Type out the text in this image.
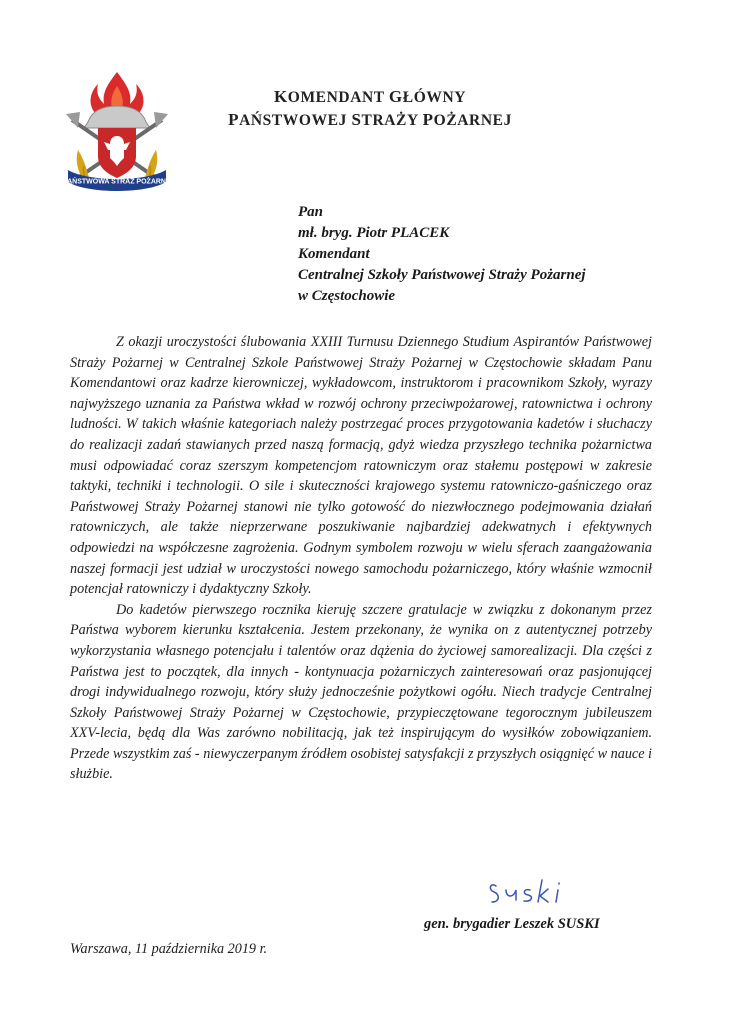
PAŃSTWOWA STRAŻ POŻARNA
KOMENDANT GŁÓWNY
PAŃSTWOWEJ STRAŻY POŻARNEJ
Pan
mł. bryg. Piotr PLACEK
Komendant
Centralnej Szkoły Państwowej Straży Pożarnej
w Częstochowie

Z okazji uroczystości ślubowania XXIII Turnusu Dziennego Studium Aspirantów Państwowej Straży Pożarnej w Centralnej Szkole Państwowej Straży Pożarnej w Częstochowie składam Panu Komendantowi oraz kadrze kierowniczej, wykładowcom, instruktorom i pracownikom Szkoły, wyrazy najwyższego uznania za Państwa wkład w rozwój ochrony przeciwpożarowej, ratownictwa i ochrony ludności. W takich właśnie kategoriach należy postrzegać proces przygotowania kadetów i słuchaczy do realizacji zadań stawianych przed naszą formacją, gdyż wiedza przyszłego technika pożarnictwa musi odpowiadać coraz szerszym kompetencjom ratowniczym oraz stałemu postępowi w zakresie taktyki, techniki i technologii. O sile i skuteczności krajowego systemu ratowniczo-gaśniczego oraz Państwowej Straży Pożarnej stanowi nie tylko gotowość do niezwłocznego podejmowania działań ratowniczych, ale także nieprzerwane poszukiwanie najbardziej adekwatnych i efektywnych odpowiedzi na współczesne zagrożenia. Godnym symbolem rozwoju w wielu sferach zaangażowania naszej formacji jest udział w uroczystości nowego samochodu pożarniczego, który właśnie wzmocnił potencjał ratowniczy i dydaktyczny Szkoły.

Do kadetów pierwszego rocznika kieruję szczere gratulacje w związku z dokonanym przez Państwa wyborem kierunku kształcenia. Jestem przekonany, że wynika on z autentycznej potrzeby wykorzystania własnego potencjału i talentów oraz dążenia do życiowej samorealizacji. Dla części z Państwa jest to początek, dla innych - kontynuacja pożarniczych zainteresowań oraz pasjonującej drogi indywidualnego rozwoju, który służy jednocześnie pożytkowi ogółu. Niech tradycje Centralnej Szkoły Państwowej Straży Pożarnej w Częstochowie, przypieczętowane tegorocznym jubileuszem XXV-lecia, będą dla Was zarówno nobilitacją, jak też inspirującym do wysiłków zobowiązaniem. Przede wszystkim zaś - niewyczerpanym źródłem osobistej satysfakcji z przyszłych osiągnięć w nauce i służbie.

gen. brygadier Leszek SUSKI
Warszawa, 11 października 2019 r.
